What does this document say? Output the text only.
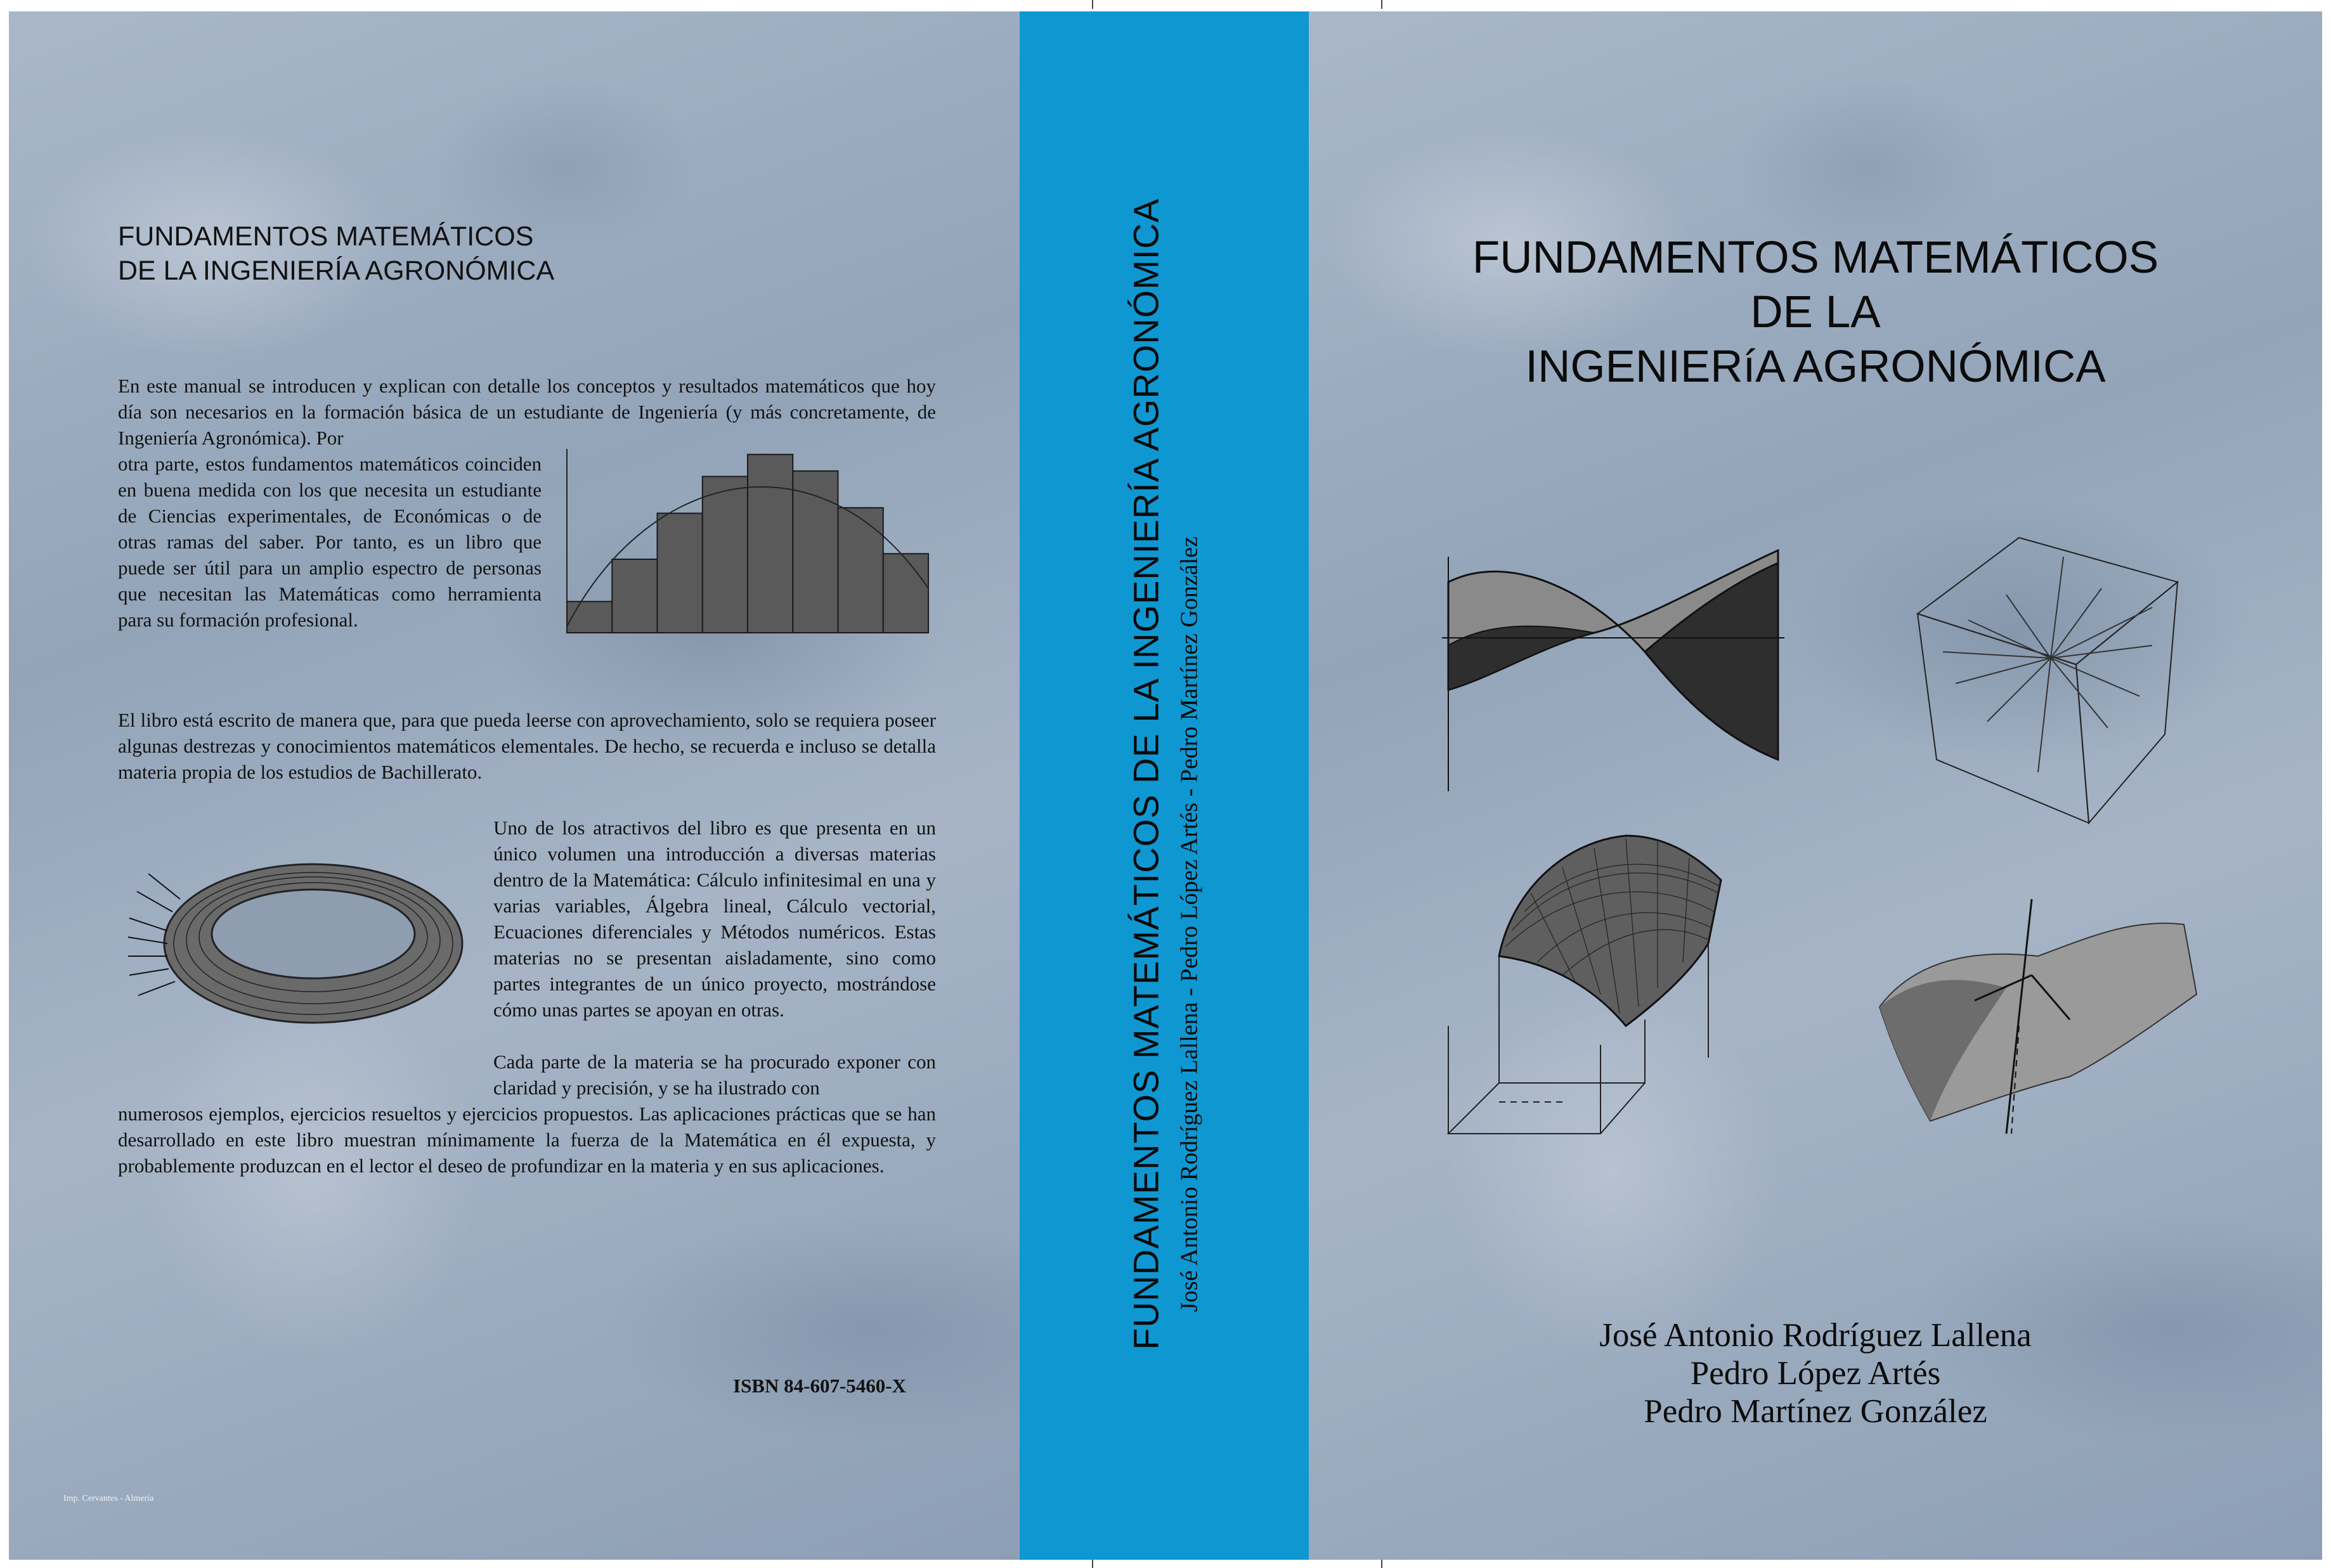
FUNDAMENTOS MATEMÁTICOS
DE LA INGENIERÍA AGRONÓMICA

En este manual se introducen y explican con detalle los conceptos y resultados matemáticos que hoy día son necesarios en la formación básica de un estudiante de Ingeniería (y más concretamente, de Ingeniería Agronómica). Por

otra parte, estos fundamentos matemáticos coinciden en buena medida con los que necesita un estudiante de Ciencias experimentales, de Económicas o de otras ramas del saber. Por tanto, es un libro que puede ser útil para un amplio espectro de personas que necesitan las Matemáticas como herramienta para su formación profesional.

El libro está escrito de manera que, para que pueda leerse con aprovechamiento, solo se requiera poseer algunas destrezas y conocimientos matemáticos elementales. De hecho, se recuerda e incluso se detalla materia propia de los estudios de Bachillerato.

Uno de los atractivos del libro es que presenta en un único volumen una introducción a diversas materias dentro de la Matemática: Cálculo infinitesimal en una y varias variables, Álgebra lineal, Cálculo vectorial, Ecuaciones diferenciales y Métodos numéricos. Estas materias no se presentan aisladamente, sino como partes integrantes de un único proyecto, mostrándose cómo unas partes se apoyan en otras.

Cada parte de la materia se ha procurado exponer con claridad y precisión, y se ha ilustrado con

numerosos ejemplos, ejercicios resueltos y ejercicios propuestos. Las aplicaciones prácticas que se han desarrollado en este libro muestran mínimamente la fuerza de la Matemática en él expuesta, y probablemente produzcan en el lector el deseo de profundizar en la materia y en sus aplicaciones.

ISBN 84-607-5460-X
Imp. Cervantes - Almería
FUNDAMENTOS MATEMÁTICOS DE LA INGENIERÍA AGRONÓMICA José Antonio Rodríguez Lallena - Pedro López Artés - Pedro Martínez González
FUNDAMENTOS MATEMÁTICOS
DE LA
INGENIERíA AGRONÓMICA
José Antonio Rodríguez Lallena
Pedro López Artés
Pedro Martínez González
